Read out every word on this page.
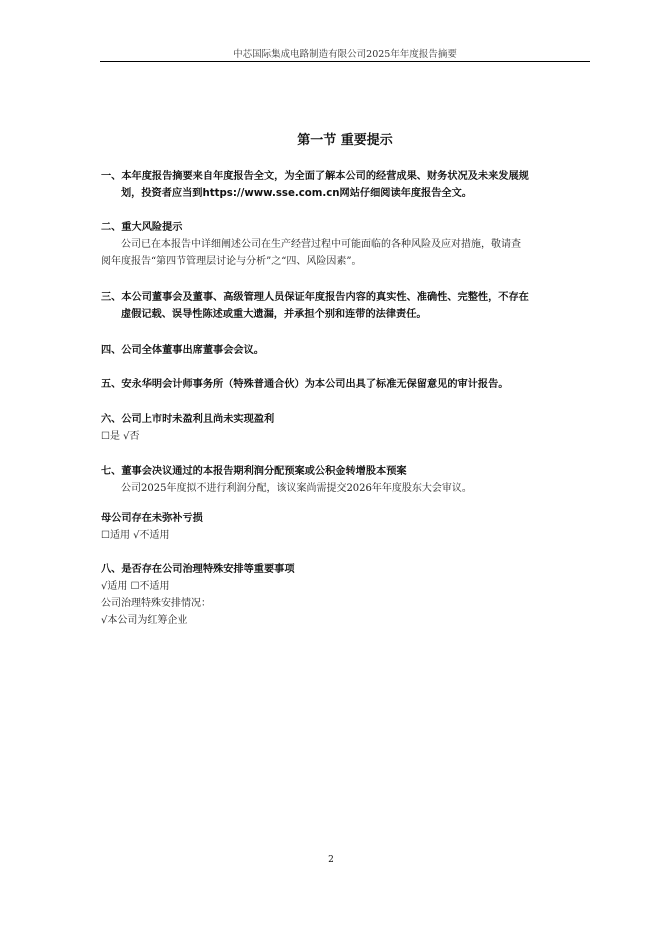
中芯国际集成电路制造有限公司2025年年度报告摘要
第一节 重要提示
一、本年度报告摘要来自年度报告全文，为全面了解本公司的经营成果、财务状况及未来发展规
划，投资者应当到https://www.sse.com.cn网站仔细阅读年度报告全文。
二、重大风险提示
公司已在本报告中详细阐述公司在生产经营过程中可能面临的各种风险及应对措施，敬请查
阅年度报告“第四节管理层讨论与分析”之“四、风险因素”。
三、本公司董事会及董事、高级管理人员保证年度报告内容的真实性、准确性、完整性，不存在
虚假记载、误导性陈述或重大遗漏，并承担个别和连带的法律责任。
四、公司全体董事出席董事会会议。
五、安永华明会计师事务所（特殊普通合伙）为本公司出具了标准无保留意见的审计报告。
六、公司上市时未盈利且尚未实现盈利
☐是 √否
七、董事会决议通过的本报告期利润分配预案或公积金转增股本预案
公司2025年度拟不进行利润分配，该议案尚需提交2026年年度股东大会审议。
母公司存在未弥补亏损
☐适用 √不适用
八、是否存在公司治理特殊安排等重要事项
√适用 ☐不适用
公司治理特殊安排情况：
√本公司为红筹企业
2
